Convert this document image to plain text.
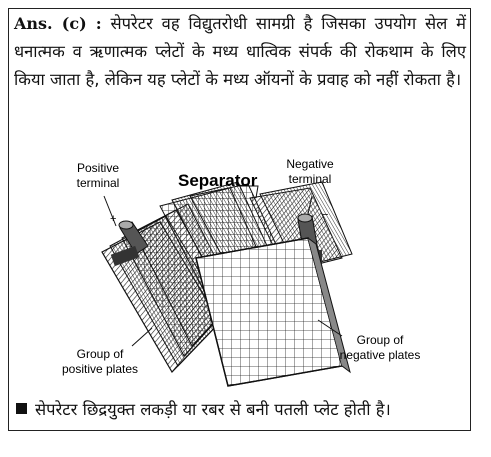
Ans. (c) : सेपरेटर वह विद्युतरोधी सामग्री है जिसका उपयोग सेल में धनात्मक व ऋणात्मक प्लेटों के मध्य धात्विक संपर्क की रोकथाम के लिए किया जाता है, लेकिन यह प्लेटों के मध्य ऑयनों के प्रवाह को नहीं रोकता है।
Positive
terminal	Separator
Negative
terminal
+	−
Group of
positive plates
Group of
negative plates
सेपरेटर छिद्रयुक्त लकड़ी या रबर से बनी पतली प्लेट होती है।
